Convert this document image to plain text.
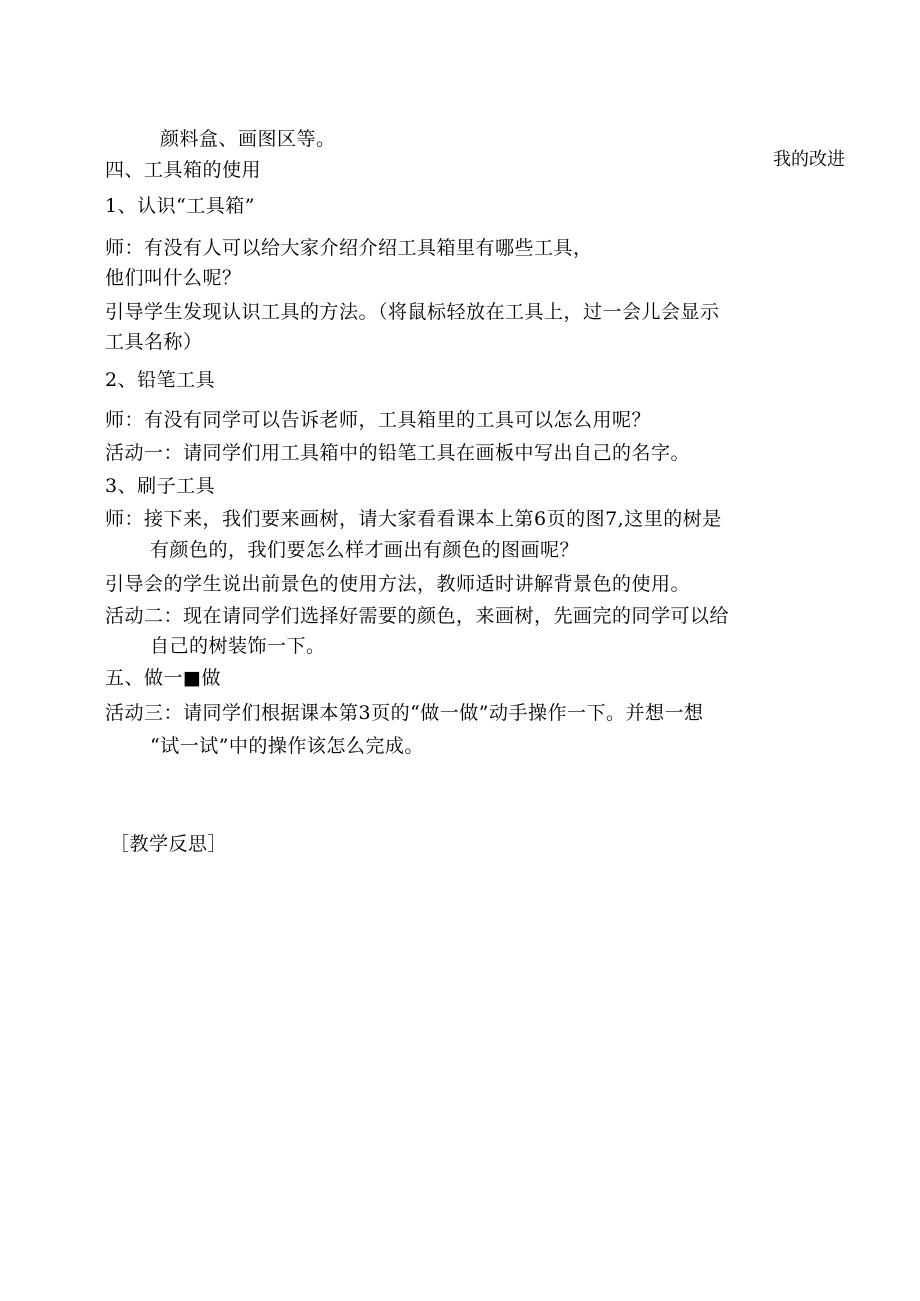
我的改进
颜料盒、画图区等。
四、工具箱的使用
1、认识“工具箱”
师：有没有人可以给大家介绍介绍工具箱里有哪些工具，
他们叫什么呢？
引导学生发现认识工具的方法。（将鼠标轻放在工具上，过一会儿会显示
工具名称）
2、铅笔工具
师：有没有同学可以告诉老师，工具箱里的工具可以怎么用呢？
活动一：请同学们用工具箱中的铅笔工具在画板中写出自己的名字。
3、刷子工具
师：接下来，我们要来画树，请大家看看课本上第6页的图7,这里的树是
有颜色的，我们要怎么样才画出有颜色的图画呢？
引导会的学生说出前景色的使用方法，教师适时讲解背景色的使用。
活动二：现在请同学们选择好需要的颜色，来画树，先画完的同学可以给
自己的树装饰一下。
五、做一■做
活动三：请同学们根据课本第3页的“做一做”动手操作一下。并想一想
“试一试”中的操作该怎么完成。
［教学反思］
